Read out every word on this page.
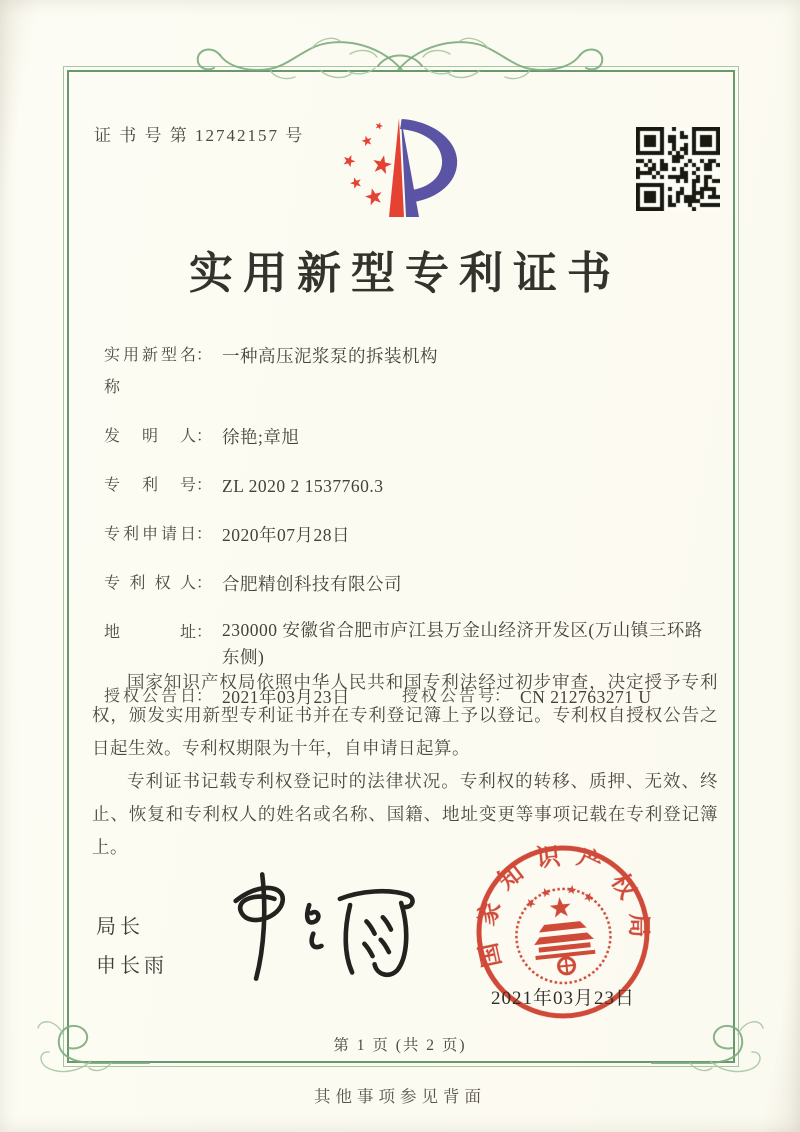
证 书 号 第 12742157 号
实用新型专利证书
实用新型名称
： 一种高压泥浆泵的拆装机构
发明人 ： 徐艳;章旭
专利号 ： ZL 2020 2 1537760.3
专利申请日 ： 2020年07月28日
专利权人 ： 合肥精创科技有限公司
地址 ： 230000 安徽省合肥市庐江县万金山经济开发区(万山镇三环路东侧)
授权公告日 ： 2021年03月23日	授权公告号 ： CN 212763271 U

国家知识产权局依照中华人民共和国专利法经过初步审查，决定授予专利权，颁发实用新型专利证书并在专利登记簿上予以登记。专利权自授权公告之日起生效。专利权期限为十年，自申请日起算。

专利证书记载专利权登记时的法律状况。专利权的转移、质押、无效、终止、恢复和专利权人的姓名或名称、国籍、地址变更等事项记载在专利登记簿上。

局长
申长雨	国家知识产权局
2021年03月23日
第 1 页 (共 2 页)
其他事项参见背面
